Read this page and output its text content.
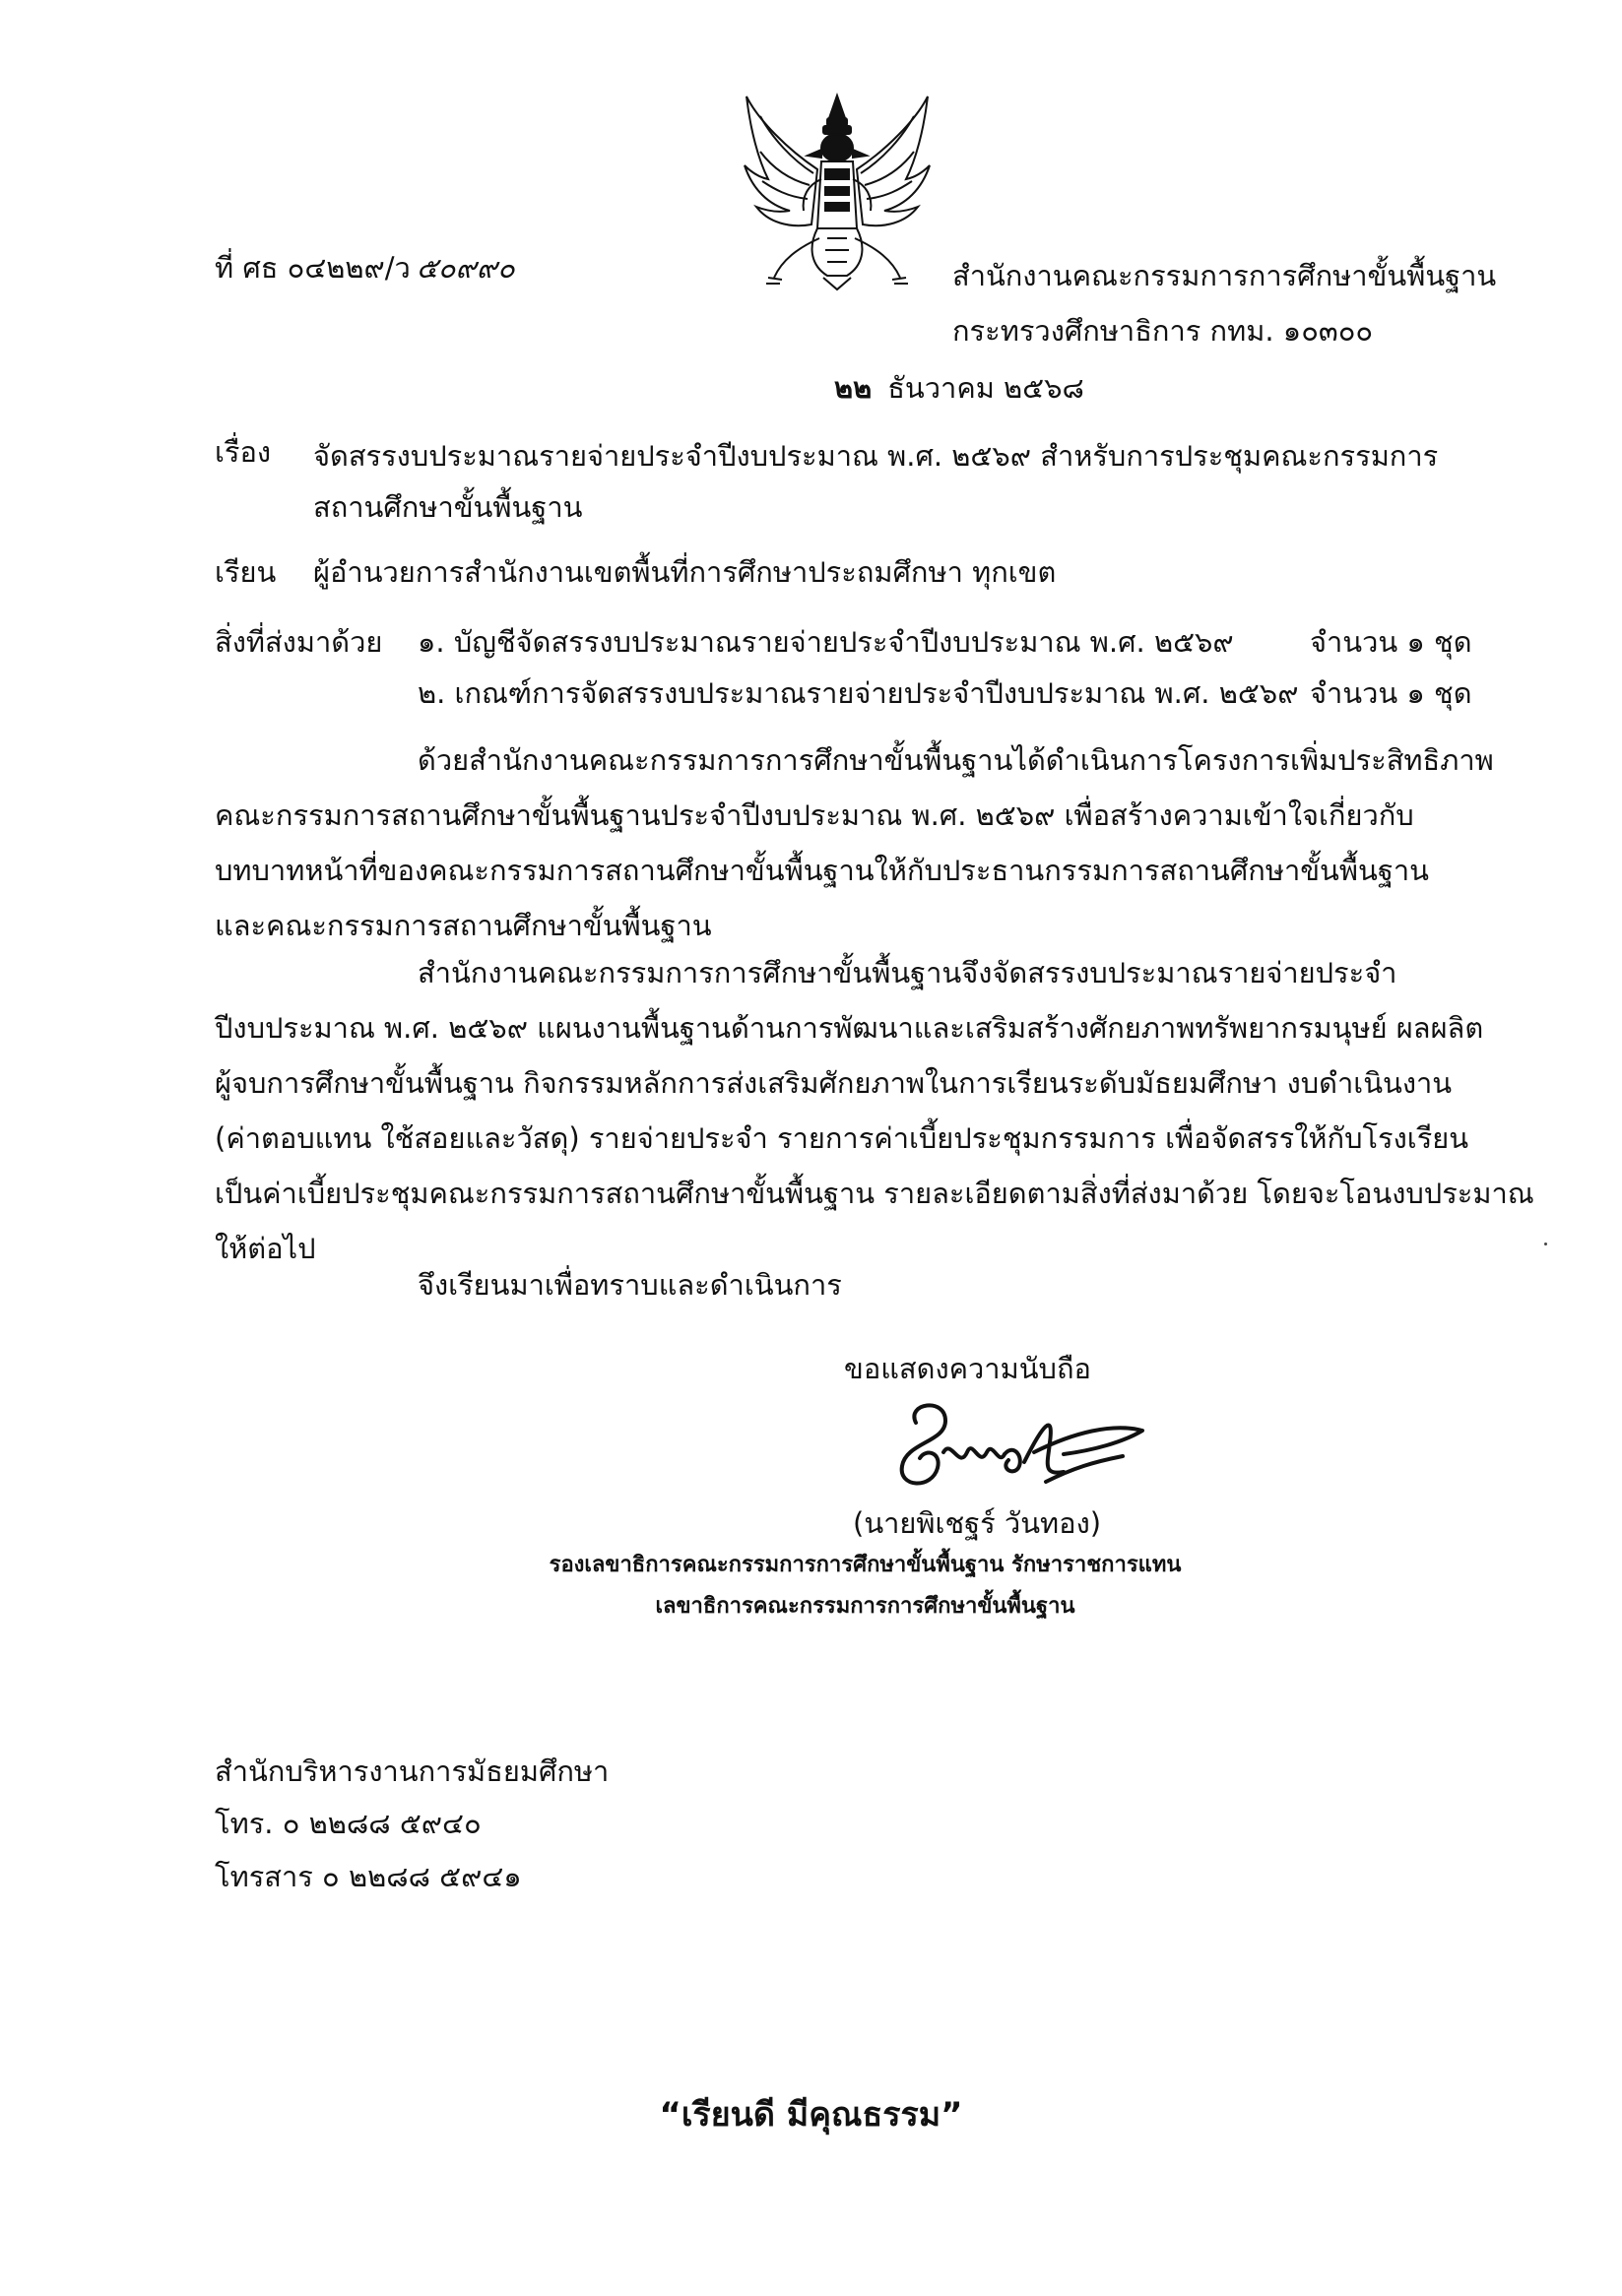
ที่ ศธ ๐๔๒๒๙/ว ๕๐๙๙๐	สำนักงานคณะกรรมการการศึกษาขั้นพื้นฐาน
กระทรวงศึกษาธิการ กทม. ๑๐๓๐๐
๒๒ ธันวาคม ๒๕๖๘
เรื่อง จัดสรรงบประมาณรายจ่ายประจำปีงบประมาณ พ.ศ. ๒๕๖๙ สำหรับการประชุมคณะกรรมการ
สถานศึกษาขั้นพื้นฐาน
เรียน ผู้อำนวยการสำนักงานเขตพื้นที่การศึกษาประถมศึกษา ทุกเขต
สิ่งที่ส่งมาด้วย ๑. บัญชีจัดสรรงบประมาณรายจ่ายประจำปีงบประมาณ พ.ศ. ๒๕๖๙	จำนวน ๑ ชุด
๒. เกณฑ์การจัดสรรงบประมาณรายจ่ายประจำปีงบประมาณ พ.ศ. ๒๕๖๙ จำนวน ๑ ชุด
ด้วยสำนักงานคณะกรรมการการศึกษาขั้นพื้นฐานได้ดำเนินการโครงการเพิ่มประสิทธิภาพ
คณะกรรมการสถานศึกษาขั้นพื้นฐานประจำปีงบประมาณ พ.ศ. ๒๕๖๙ เพื่อสร้างความเข้าใจเกี่ยวกับ
บทบาทหน้าที่ของคณะกรรมการสถานศึกษาขั้นพื้นฐานให้กับประธานกรรมการสถานศึกษาขั้นพื้นฐาน
และคณะกรรมการสถานศึกษาขั้นพื้นฐาน
สำนักงานคณะกรรมการการศึกษาขั้นพื้นฐานจึงจัดสรรงบประมาณรายจ่ายประจำ
ปีงบประมาณ พ.ศ. ๒๕๖๙ แผนงานพื้นฐานด้านการพัฒนาและเสริมสร้างศักยภาพทรัพยากรมนุษย์ ผลผลิต
ผู้จบการศึกษาขั้นพื้นฐาน กิจกรรมหลักการส่งเสริมศักยภาพในการเรียนระดับมัธยมศึกษา งบดำเนินงาน
(ค่าตอบแทน ใช้สอยและวัสดุ) รายจ่ายประจำ รายการค่าเบี้ยประชุมกรรมการ เพื่อจัดสรรให้กับโรงเรียน
เป็นค่าเบี้ยประชุมคณะกรรมการสถานศึกษาขั้นพื้นฐาน รายละเอียดตามสิ่งที่ส่งมาด้วย โดยจะโอนงบประมาณ
ให้ต่อไป
จึงเรียนมาเพื่อทราบและดำเนินการ
ขอแสดงความนับถือ
(นายพิเชฐร์ วันทอง)
รองเลขาธิการคณะกรรมการการศึกษาขั้นพื้นฐาน รักษาราชการแทน
เลขาธิการคณะกรรมการการศึกษาขั้นพื้นฐาน
สำนักบริหารงานการมัธยมศึกษา
โทร. ๐ ๒๒๘๘ ๕๙๔๐
โทรสาร ๐ ๒๒๘๘ ๕๙๔๑
“เรียนดี มีคุณธรรม”
